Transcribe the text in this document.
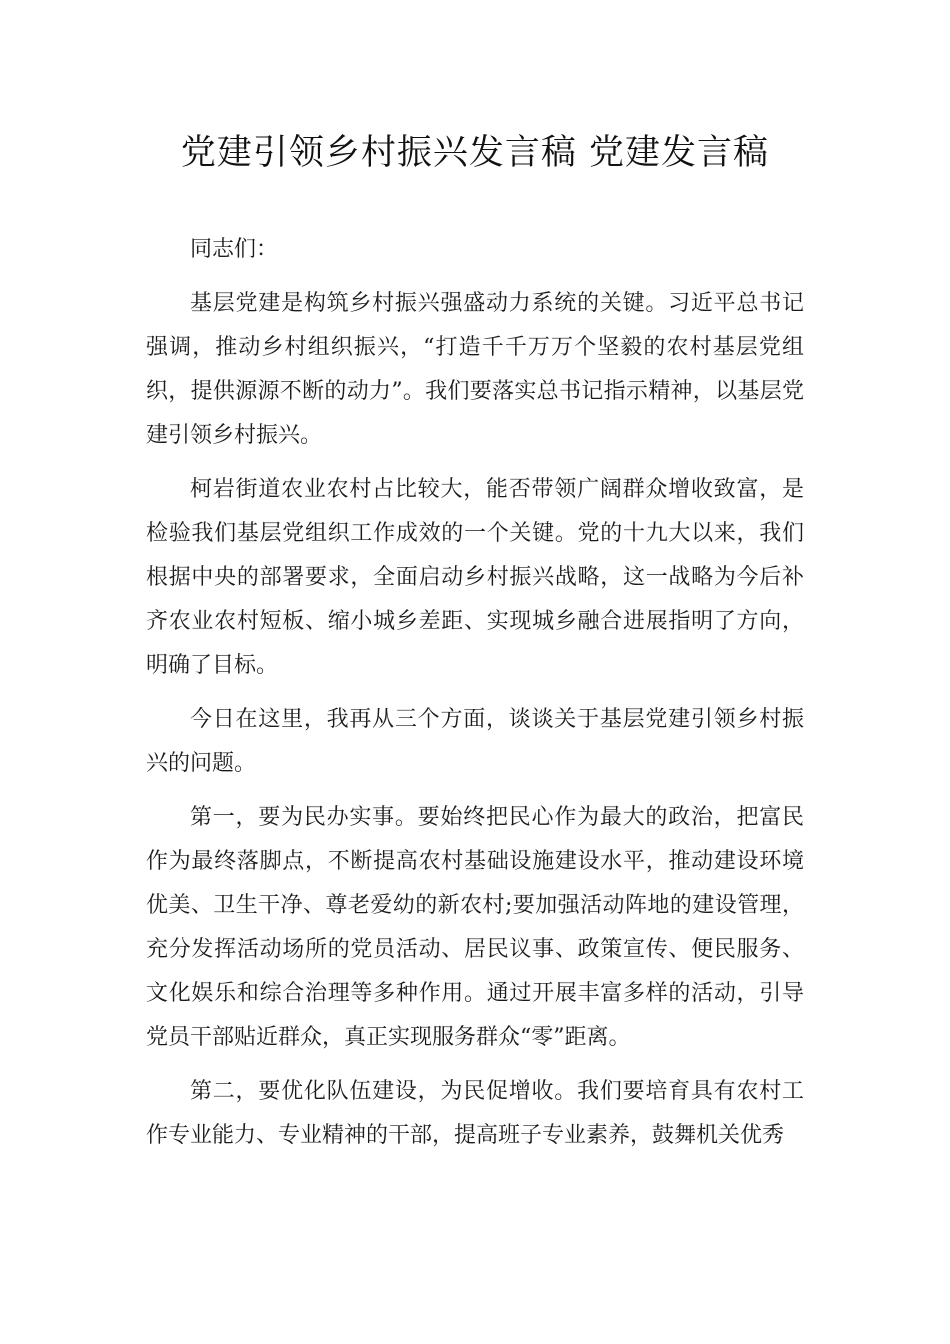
党建引领乡村振兴发言稿 党建发言稿

同志们：

基层党建是构筑乡村振兴强盛动力系统的关键。习近平总书记强调，推动乡村组织振兴，“打造千千万万个坚毅的农村基层党组织，提供源源不断的动力”。我们要落实总书记指示精神，以基层党建引领乡村振兴。

柯岩街道农业农村占比较大，能否带领广阔群众增收致富，是检验我们基层党组织工作成效的一个关键。党的十九大以来，我们根据中央的部署要求，全面启动乡村振兴战略，这一战略为今后补齐农业农村短板、缩小城乡差距、实现城乡融合进展指明了方向，明确了目标。

今日在这里，我再从三个方面，谈谈关于基层党建引领乡村振兴的问题。

第一，要为民办实事。要始终把民心作为最大的政治，把富民作为最终落脚点，不断提高农村基础设施建设水平，推动建设环境优美、卫生干净、尊老爱幼的新农村;要加强活动阵地的建设管理，充分发挥活动场所的党员活动、居民议事、政策宣传、便民服务、文化娱乐和综合治理等多种作用。通过开展丰富多样的活动，引导党员干部贴近群众，真正实现服务群众“零”距离。

第二，要优化队伍建设，为民促增收。我们要培育具有农村工作专业能力、专业精神的干部，提高班子专业素养，鼓舞机关优秀
